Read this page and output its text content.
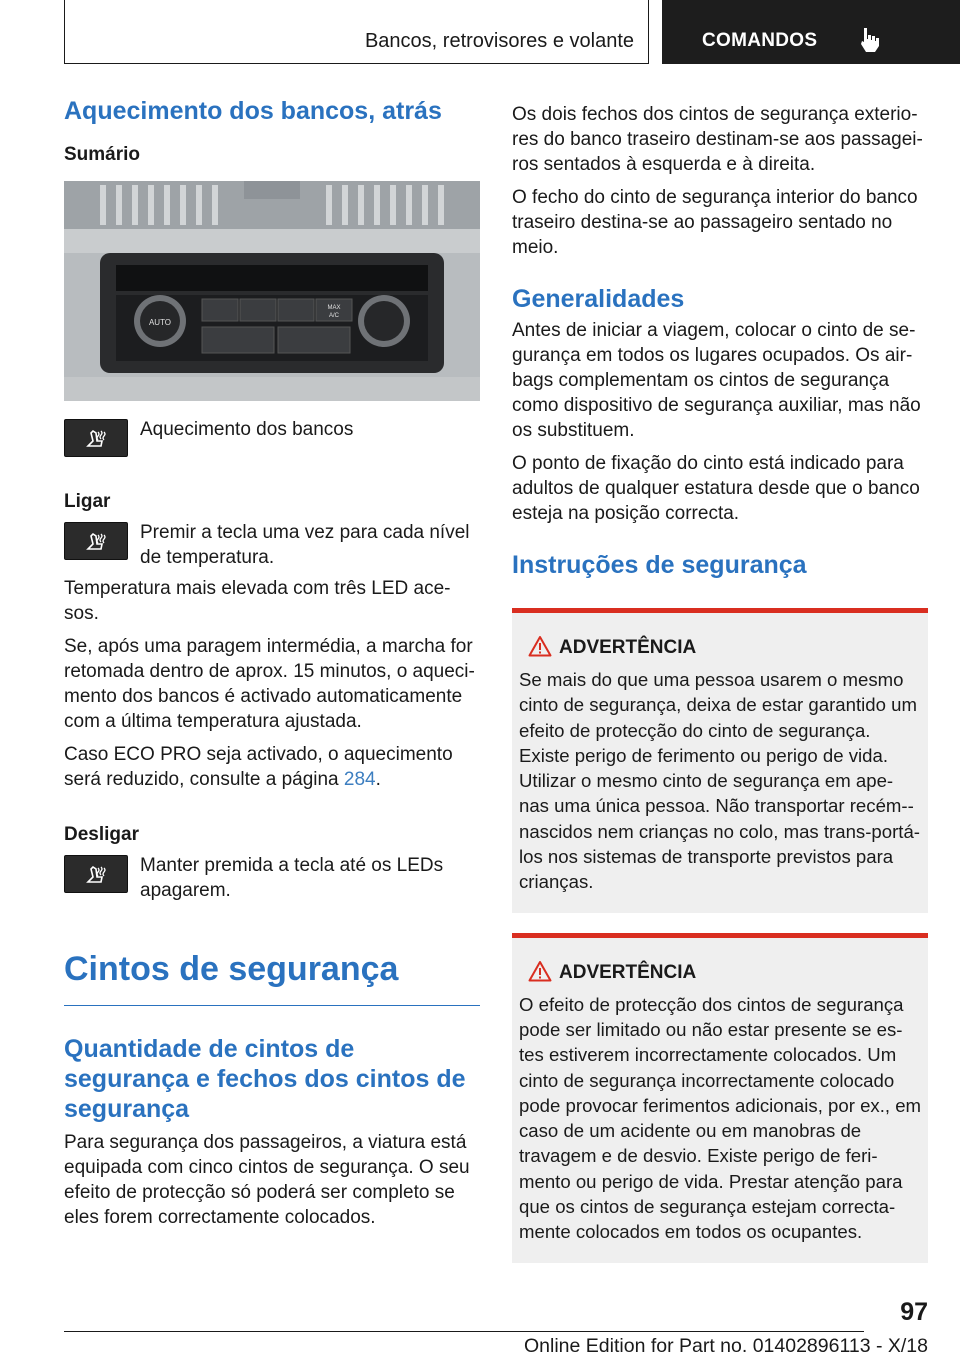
Bancos, retrovisores e volante	COMANDOS
Aquecimento dos bancos, atrás
Sumário
AUTO
MAX
A/C
Aquecimento dos bancos
Ligar
Premir a tecla uma vez para cada nível de temperatura.
Temperatura mais elevada com três LED ace-sos.
Se, após uma paragem intermédia, a marcha for retomada dentro de aprox. 15 minutos, o aqueci-mento dos bancos é activado automaticamente com a última temperatura ajustada.
Caso ECO PRO seja activado, o aquecimento será reduzido, consulte a página 284.
Desligar
Manter premida a tecla até os LEDs apagarem.
Cintos de segurança
Quantidade de cintos de segurança e fechos dos cintos de segurança
Para segurança dos passageiros, a viatura está equipada com cinco cintos de segurança. O seu efeito de protecção só poderá ser completo se eles forem correctamente colocados.
Os dois fechos dos cintos de segurança exterio-res do banco traseiro destinam-se aos passagei-ros sentados à esquerda e à direita.
O fecho do cinto de segurança interior do banco traseiro destina-se ao passageiro sentado no meio.
Generalidades
Antes de iniciar a viagem, colocar o cinto de se-gurança em todos os lugares ocupados. Os air-bags complementam os cintos de segurança como dispositivo de segurança auxiliar, mas não os substituem.
O ponto de fixação do cinto está indicado para adultos de qualquer estatura desde que o banco esteja na posição correcta.
Instruções de segurança
ADVERTÊNCIA
Se mais do que uma pessoa usarem o mesmo cinto de segurança, deixa de estar garantido um efeito de protecção do cinto de segurança. Existe perigo de ferimento ou perigo de vida. Utilizar o mesmo cinto de segurança em ape-nas uma única pessoa. Não transportar recém--nascidos nem crianças no colo, mas trans-portá-los nos sistemas de transporte previstos para crianças.
ADVERTÊNCIA
O efeito de protecção dos cintos de segurança pode ser limitado ou não estar presente se es-tes estiverem incorrectamente colocados. Um cinto de segurança incorrectamente colocado pode provocar ferimentos adicionais, por ex., em caso de um acidente ou em manobras de travagem e de desvio. Existe perigo de feri-mento ou perigo de vida. Prestar atenção para que os cintos de segurança estejam correcta-mente colocados em todos os ocupantes.
97
Online Edition for Part no. 01402896113 - X/18
